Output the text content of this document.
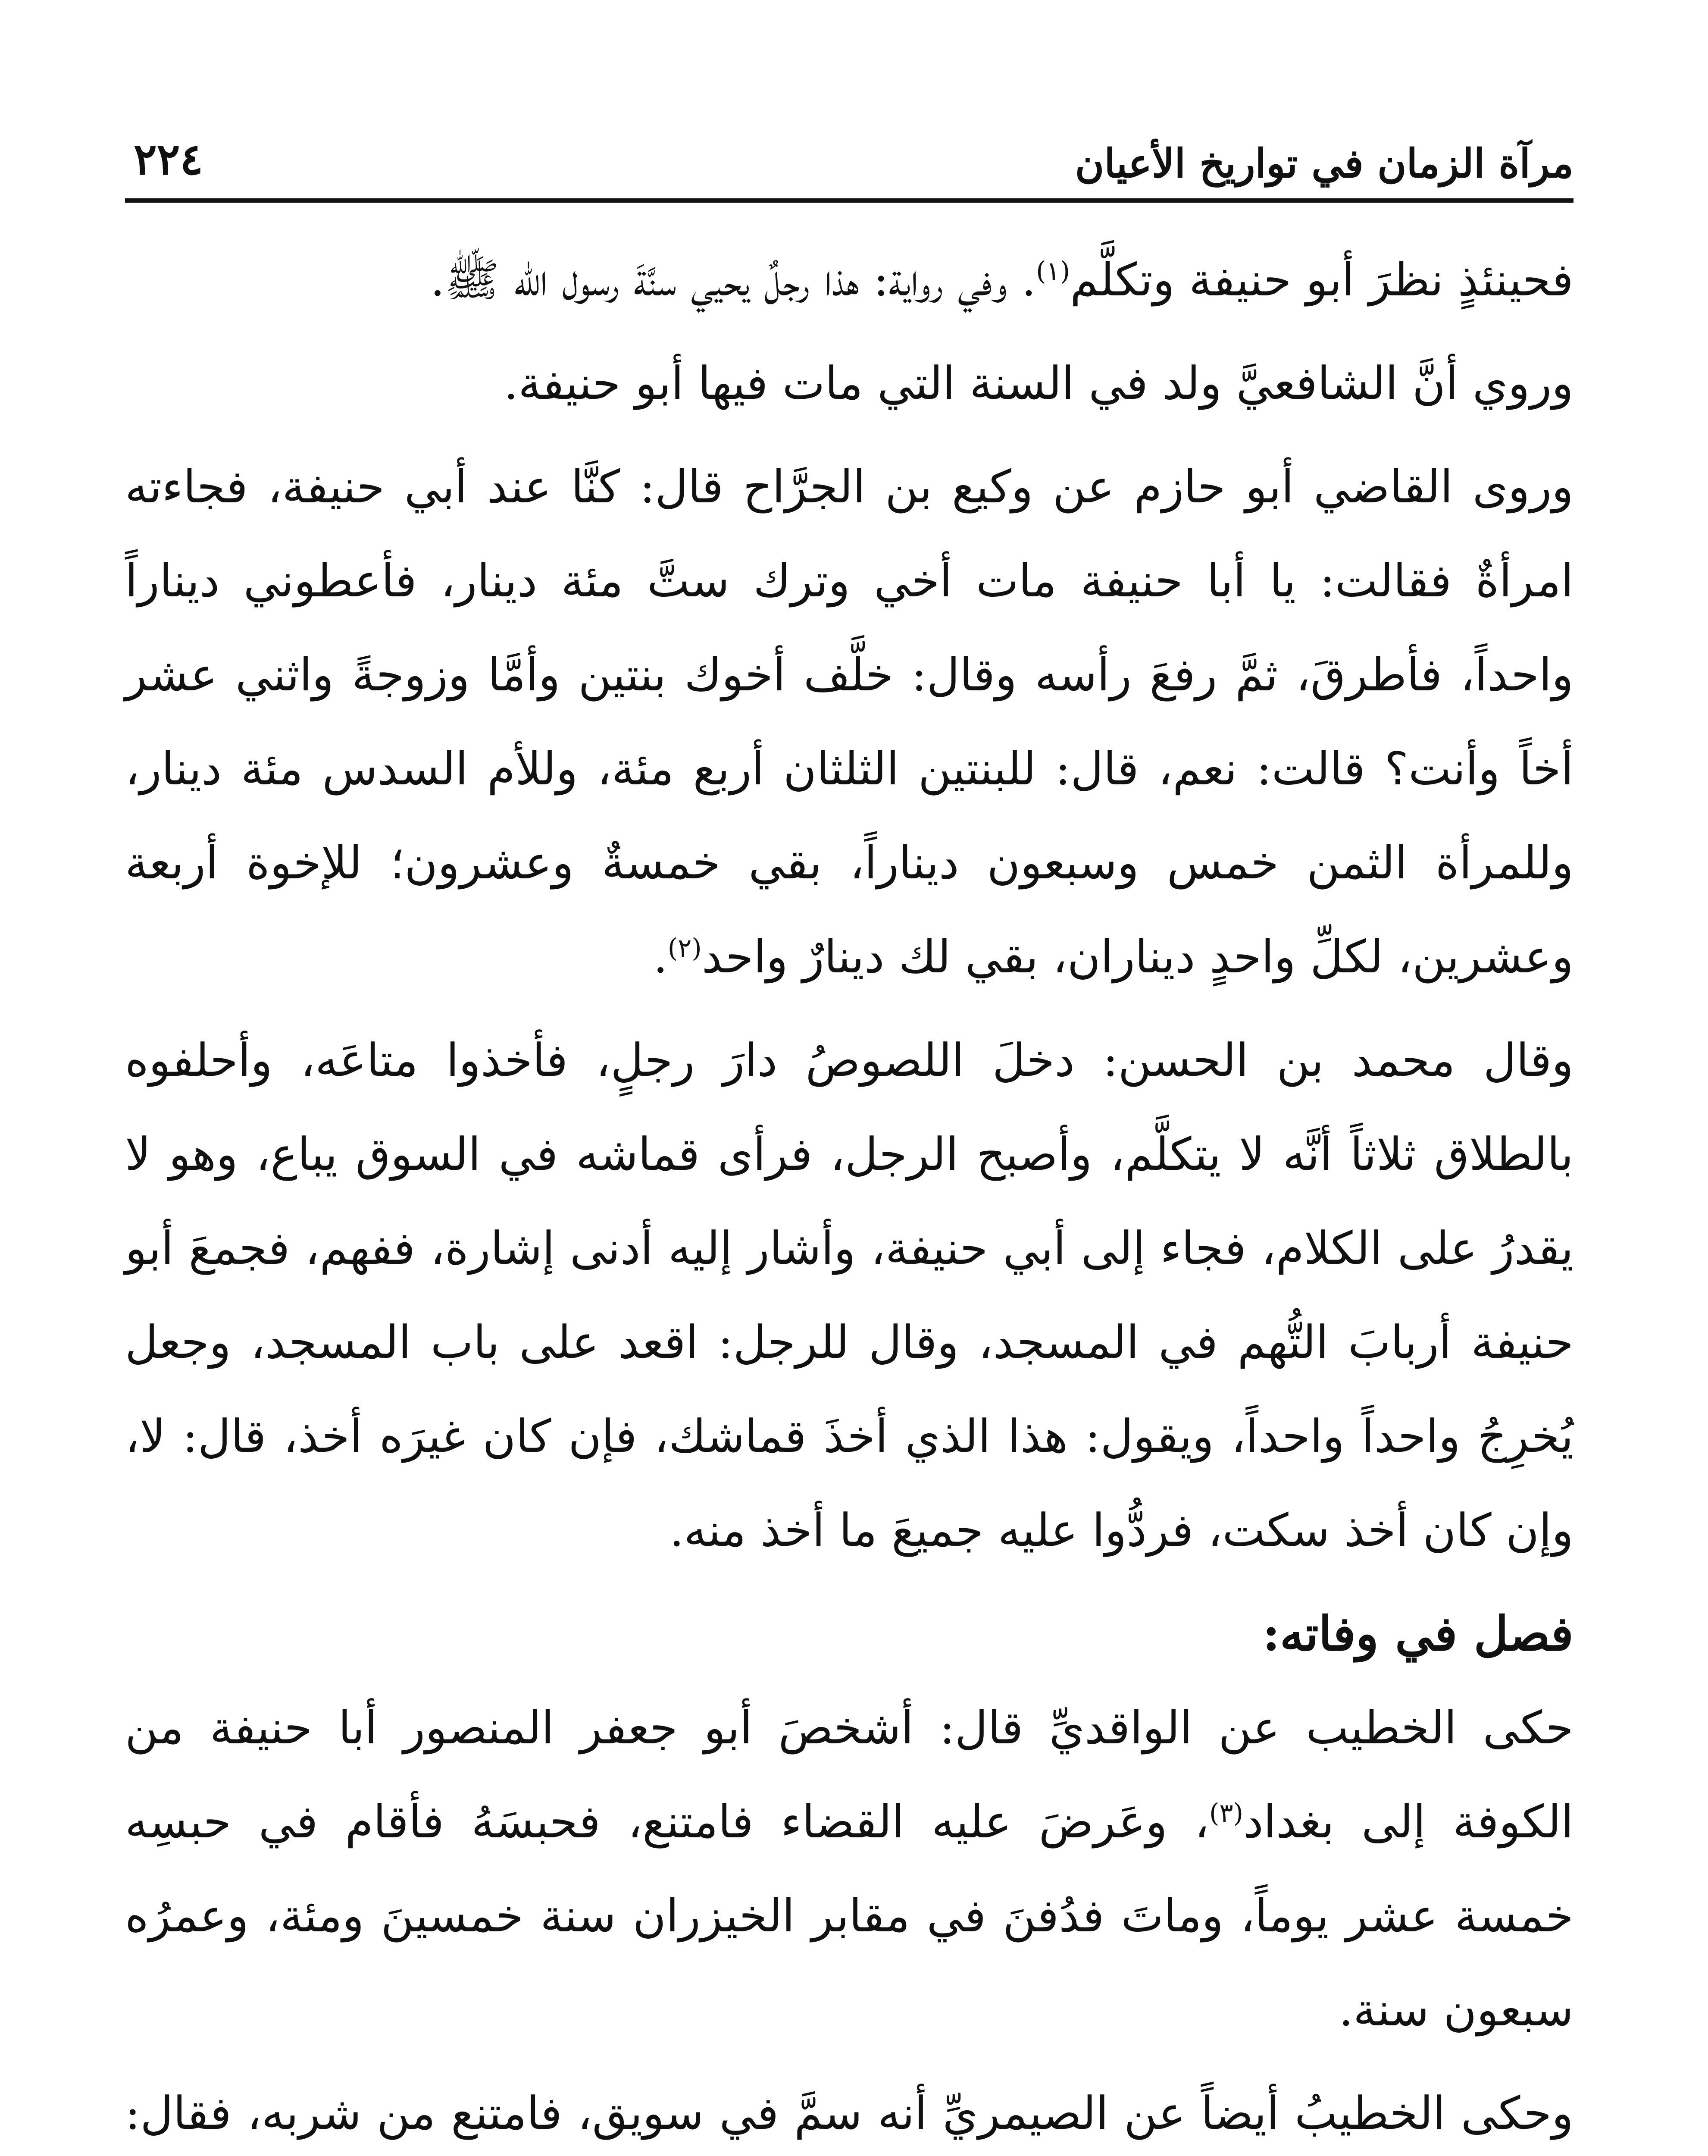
مرآة الزمان في تواريخ الأعيان
٢٢٤

فحينئذٍ نظرَ أبو حنيفة وتكلَّم$^{(١)}$. وفي رواية: هذا رجلٌ يحيي سنَّةَ رسول الله ﷺ.

وروي أنَّ الشافعيَّ ولد في السنة التي مات فيها أبو حنيفة.

وروى القاضي أبو حازم عن وكيع بن الجرَّاح قال: كنَّا عند أبي حنيفة، فجاءته امرأةٌ فقالت: يا أبا حنيفة مات أخي وترك ستَّ مئة دينار، فأعطوني ديناراً واحداً، فأطرقَ، ثمَّ رفعَ رأسه وقال: خلَّف أخوك بنتين وأمَّا وزوجةً واثني عشر أخاً وأنت؟ قالت: نعم، قال: للبنتين الثلثان أربع مئة، وللأم السدس مئة دينار، وللمرأة الثمن خمس وسبعون ديناراً، بقي خمسةٌ وعشرون؛ للإخوة أربعة وعشرين، لكلِّ واحدٍ ديناران، بقي لك دينارٌ واحد$^{(٢)}$.

وقال محمد بن الحسن: دخلَ اللصوصُ دارَ رجلٍ، فأخذوا متاعَه، وأحلفوه بالطلاق ثلاثاً أنَّه لا يتكلَّم، وأصبح الرجل، فرأى قماشه في السوق يباع، وهو لا يقدرُ على الكلام، فجاء إلى أبي حنيفة، وأشار إليه أدنى إشارة، ففهم، فجمعَ أبو حنيفة أربابَ التُّهم في المسجد، وقال للرجل: اقعد على باب المسجد، وجعل يُخرِجُ واحداً واحداً، ويقول: هذا الذي أخذَ قماشك، فإن كان غيرَه أخذ، قال: لا، وإن كان أخذ سكت، فردُّوا عليه جميعَ ما أخذ منه.

فصل في وفاته:

حكى الخطيب عن الواقديِّ قال: أشخصَ أبو جعفر المنصور أبا حنيفة من الكوفة إلى بغداد$^{(٣)}$، وعَرضَ عليه القضاء فامتنع، فحبسَهُ فأقام في حبسِه خمسة عشر يوماً، وماتَ فدُفنَ في مقابر الخيزران سنة خمسينَ ومئة، وعمرُه سبعون سنة.

وحكى الخطيبُ أيضاً عن الصيمريِّ أنه سمَّ في سويق، فامتنع من شربه، فقال:
